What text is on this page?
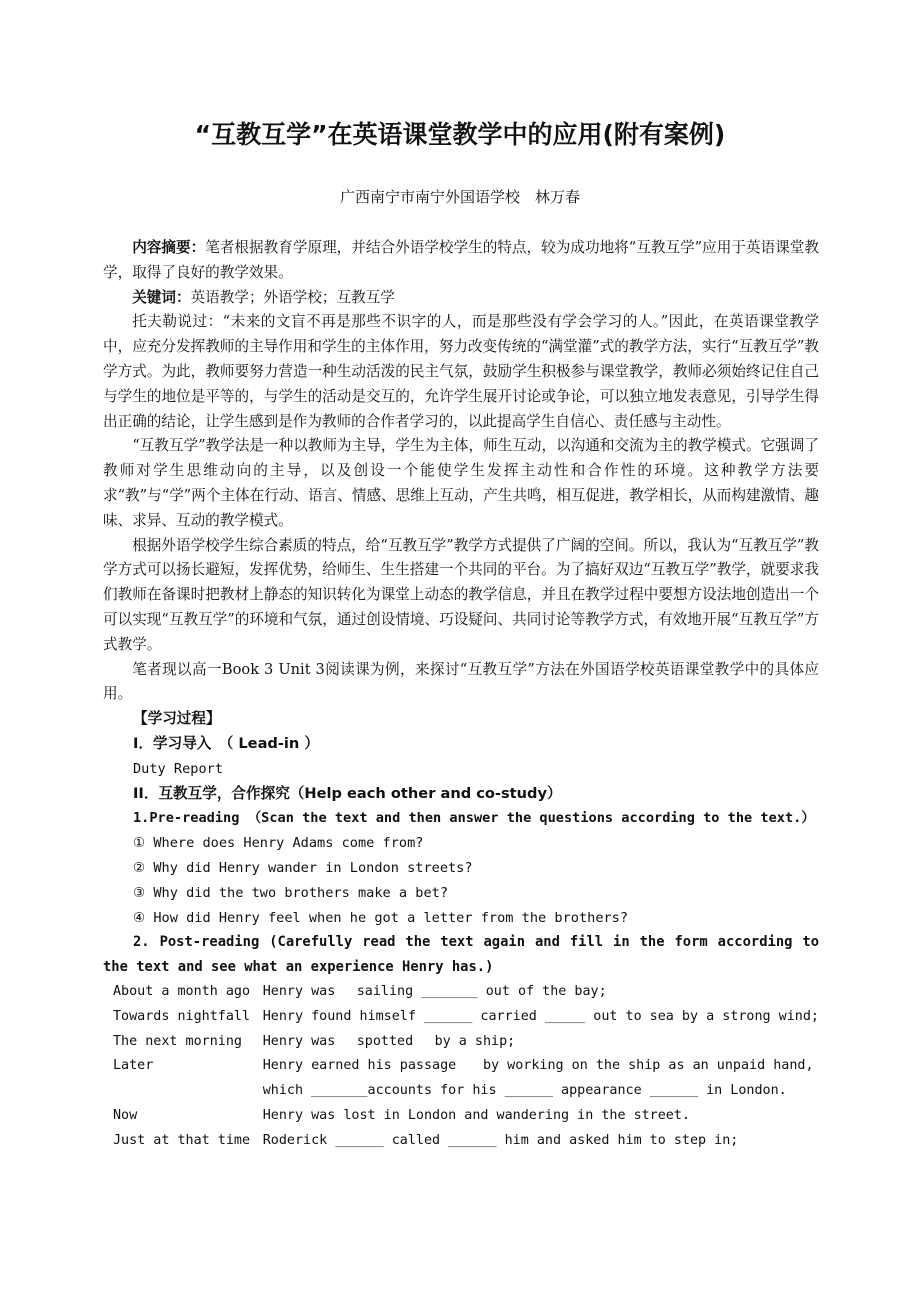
“互教互学”在英语课堂教学中的应用(附有案例)
广西南宁市南宁外国语学校　林万春

内容摘要：笔者根据教育学原理，并结合外语学校学生的特点，较为成功地将“互教互学”应用于英语课堂教学，取得了良好的教学效果。

关键词：英语教学；外语学校；互教互学

托夫勒说过：“未来的文盲不再是那些不识字的人，而是那些没有学会学习的人。”因此，在英语课堂教学中，应充分发挥教师的主导作用和学生的主体作用，努力改变传统的“满堂灌”式的教学方法，实行“互教互学”教学方式。为此，教师要努力营造一种生动活泼的民主气氛，鼓励学生积极参与课堂教学，教师必须始终记住自己与学生的地位是平等的，与学生的活动是交互的，允许学生展开讨论或争论，可以独立地发表意见，引导学生得出正确的结论，让学生感到是作为教师的合作者学习的，以此提高学生自信心、责任感与主动性。

“互教互学”教学法是一种以教师为主导，学生为主体，师生互动，以沟通和交流为主的教学模式。它强调了教师对学生思维动向的主导，以及创设一个能使学生发挥主动性和合作性的环境。这种教学方法要求“教”与“学”两个主体在行动、语言、情感、思维上互动，产生共鸣，相互促进，教学相长，从而构建激情、趣味、求异、互动的教学模式。

根据外语学校学生综合素质的特点，给“互教互学”教学方式提供了广阔的空间。所以，我认为“互教互学”教学方式可以扬长避短，发挥优势，给师生、生生搭建一个共同的平台。为了搞好双边“互教互学”教学，就要求我们教师在备课时把教材上静态的知识转化为课堂上动态的教学信息，并且在教学过程中要想方设法地创造出一个可以实现“互教互学”的环境和气氛，通过创设情境、巧设疑问、共同讨论等教学方式，有效地开展“互教互学”方式教学。

笔者现以高一Book 3 Unit 3阅读课为例，来探讨“互教互学”方法在外国语学校英语课堂教学中的具体应用。

【学习过程】

I．学习导入　（ Lead-in ）

Duty Report

II．互教互学，合作探究（Help each other and co-study）

1.Pre-reading （Scan the text and then answer the questions according to the text.）

① Where does Henry Adams come from?

② Why did Henry wander in London streets?

③ Why did the two brothers make a bet?

④ How did Henry feel when he got a letter from the brothers?

2. Post-reading (Carefully read the text again and fill in the form according to the text and see what an experience Henry has.)

About a month ago	Henry was　 sailing _______ out of the bay;
Towards nightfall	Henry found himself ______ carried _____ out to sea by a strong wind;
The next morning	Henry was　 spotted　 by a ship;
Later	Henry earned his passage　　by working on the ship as an unpaid hand,
	which _______accounts for his ______ appearance ______ in London.
Now	Henry was lost in London and wandering in the street.
Just at that time	Roderick ______ called ______ him and asked him to step in;
